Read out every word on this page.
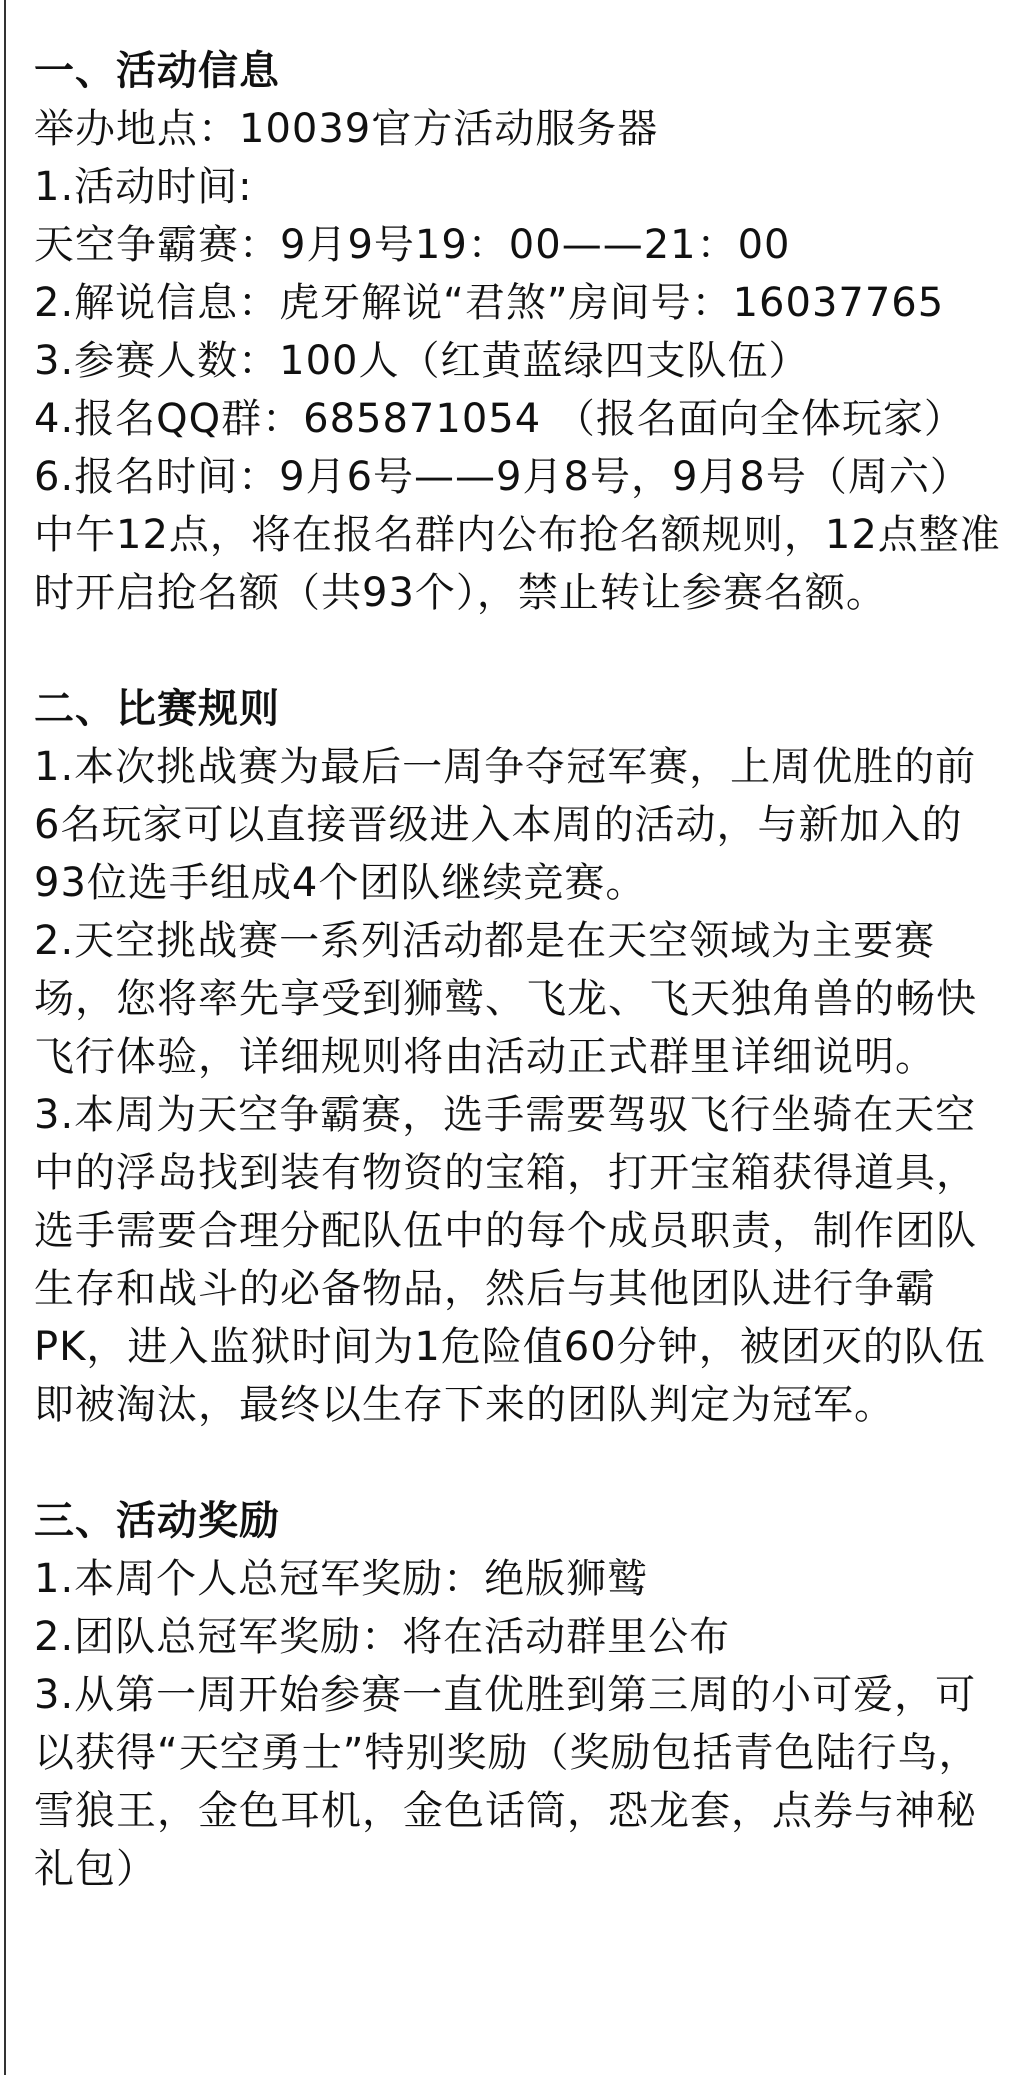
一、活动信息

举办地点：10039官方活动服务器

1.活动时间:

天空争霸赛：9月9号19：00——21：00

2.解说信息：虎牙解说“君煞”房间号：16037765

3.参赛人数：100人（红黄蓝绿四支队伍）

4.报名QQ群：685871054 （报名面向全体玩家）

6.报名时间：9月6号——9月8号，9月8号（周六）

中午12点，将在报名群内公布抢名额规则，12点整准

时开启抢名额（共93个），禁止转让参赛名额。

二、比赛规则

1.本次挑战赛为最后一周争夺冠军赛，上周优胜的前

6名玩家可以直接晋级进入本周的活动，与新加入的

93位选手组成4个团队继续竞赛。

2.天空挑战赛一系列活动都是在天空领域为主要赛

场，您将率先享受到狮鹫、飞龙、飞天独角兽的畅快

飞行体验，详细规则将由活动正式群里详细说明。

3.本周为天空争霸赛，选手需要驾驭飞行坐骑在天空

中的浮岛找到装有物资的宝箱，打开宝箱获得道具，

选手需要合理分配队伍中的每个成员职责，制作团队

生存和战斗的必备物品，然后与其他团队进行争霸

PK，进入监狱时间为1危险值60分钟，被团灭的队伍

即被淘汰，最终以生存下来的团队判定为冠军。

三、活动奖励

1.本周个人总冠军奖励：绝版狮鹫

2.团队总冠军奖励：将在活动群里公布

3.从第一周开始参赛一直优胜到第三周的小可爱，可

以获得“天空勇士”特别奖励（奖励包括青色陆行鸟，

雪狼王，金色耳机，金色话筒，恐龙套，点券与神秘

礼包）
